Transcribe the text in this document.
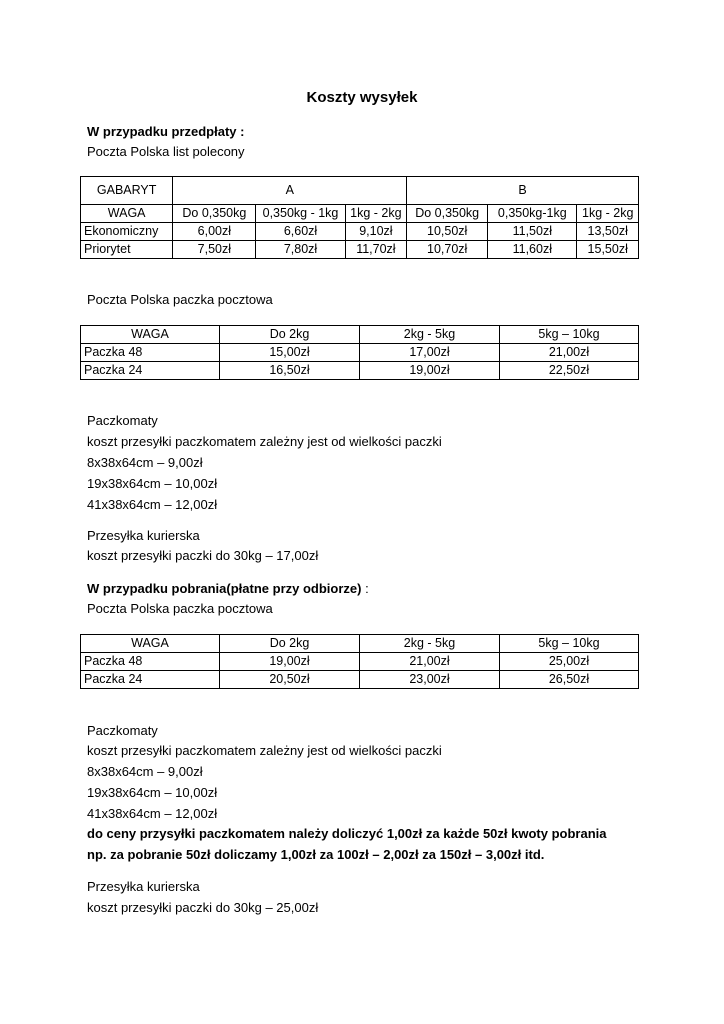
Koszty wysyłek
W przypadku przedpłaty :
Poczta Polska list polecony
GABARYT	A			B		
WAGA	Do 0,350kg	0,350kg - 1kg	1kg - 2kg	Do 0,350kg	0,350kg-1kg	1kg - 2kg
Ekonomiczny	6,00zł	6,60zł	9,10zł	10,50zł	11,50zł	13,50zł
Priorytet	7,50zł	7,80zł	11,70zł	10,70zł	11,60zł	15,50zł
Poczta Polska paczka pocztowa
WAGA	Do 2kg	2kg - 5kg	5kg – 10kg
Paczka 48	15,00zł	17,00zł	21,00zł
Paczka 24	16,50zł	19,00zł	22,50zł
Paczkomaty
koszt przesyłki paczkomatem zależny jest od wielkości paczki
8x38x64cm – 9,00zł
19x38x64cm – 10,00zł
41x38x64cm – 12,00zł
Przesyłka kurierska
koszt przesyłki paczki do 30kg – 17,00zł
W przypadku pobrania(płatne przy odbiorze) :
Poczta Polska paczka pocztowa
WAGA	Do 2kg	2kg - 5kg	5kg – 10kg
Paczka 48	19,00zł	21,00zł	25,00zł
Paczka 24	20,50zł	23,00zł	26,50zł
Paczkomaty
koszt przesyłki paczkomatem zależny jest od wielkości paczki
8x38x64cm – 9,00zł
19x38x64cm – 10,00zł
41x38x64cm – 12,00zł
do ceny przysyłki paczkomatem należy doliczyć 1,00zł za każde 50zł kwoty pobrania
np. za pobranie 50zł doliczamy 1,00zł za 100zł – 2,00zł za 150zł – 3,00zł itd.
Przesyłka kurierska
koszt przesyłki paczki do 30kg – 25,00zł
